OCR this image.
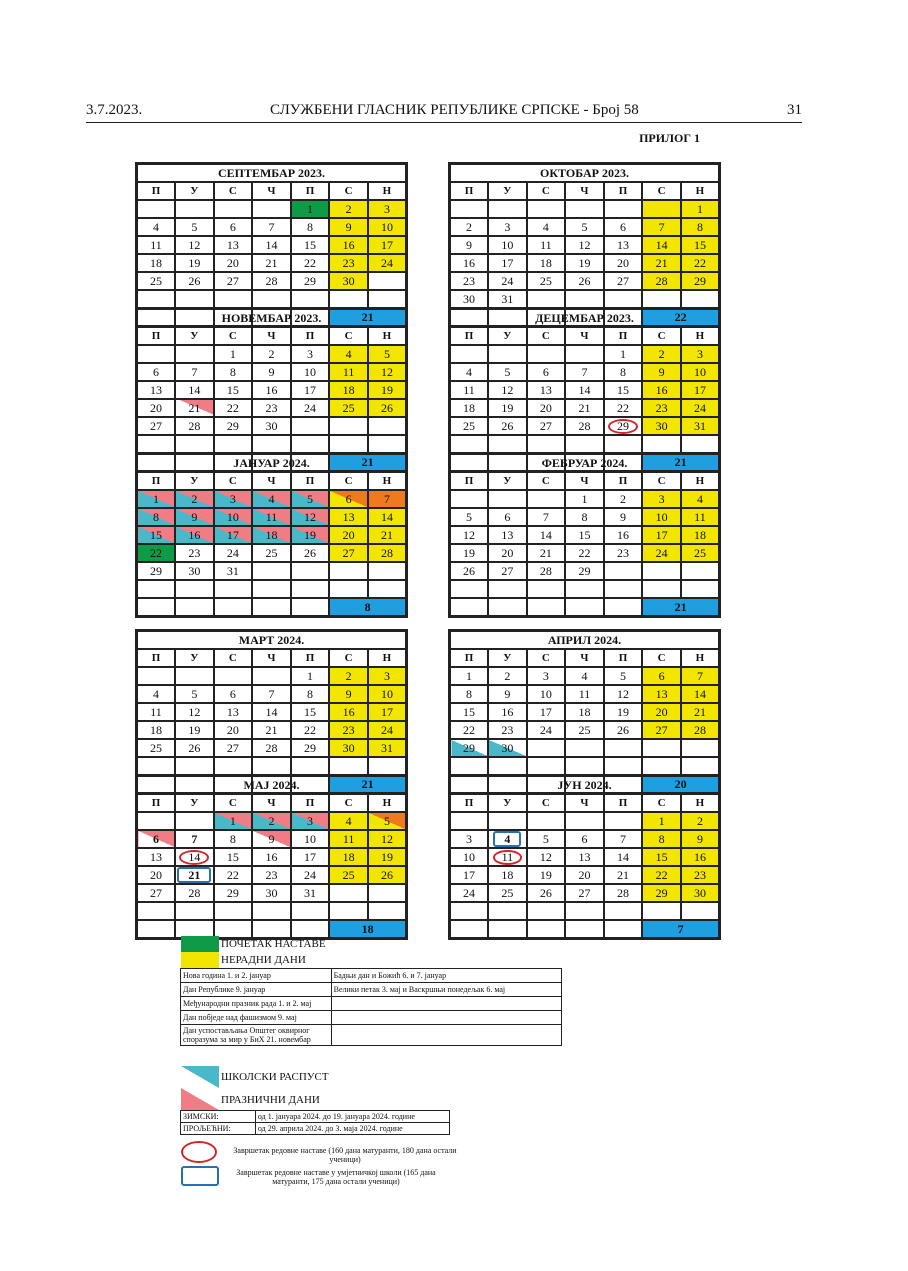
3.7.2023.	СЛУЖБЕНИ ГЛАСНИК РЕПУБЛИКЕ СРПСКЕ - Број 58	31
ПРИЛОГ 1
СЕПТЕМБАР 2023.						
П	У	С	Ч	П	С	Н
				1	2	3
4	5	6	7	8	9	10
11	12	13	14	15	16	17
18	19	20	21	22	23	24
25	26	27	28	29	30	

					21	
ОКТОБАР 2023.						
П	У	С	Ч	П	С	Н
						1
2	3	4	5	6	7	8
9	10	11	12	13	14	15
16	17	18	19	20	21	22
23	24	25	26	27	28	29
30	31					
					22	
НОВЕМБАР 2023.						
П	У	С	Ч	П	С	Н
		1	2	3	4	5
6	7	8	9	10	11	12
13	14	15	16	17	18	19
20	21	22	23	24	25	26
27	28	29	30			

					21	
ДЕЦЕМБАР 2023.						
П	У	С	Ч	П	С	Н
				1	2	3
4	5	6	7	8	9	10
11	12	13	14	15	16	17
18	19	20	21	22	23	24
25	26	27	28	29	30	31

					21	
ЈАНУАР 2024.						
П	У	С	Ч	П	С	Н
1	2	3	4	5	6	7
8	9	10	11	12	13	14
15	16	17	18	19	20	21
22	23	24	25	26	27	28
29	30	31				

					8	
ФЕБРУАР 2024.						
П	У	С	Ч	П	С	Н
			1	2	3	4
5	6	7	8	9	10	11
12	13	14	15	16	17	18
19	20	21	22	23	24	25
26	27	28	29			

					21	
МАРТ 2024.						
П	У	С	Ч	П	С	Н
				1	2	3
4	5	6	7	8	9	10
11	12	13	14	15	16	17
18	19	20	21	22	23	24
25	26	27	28	29	30	31

					21	
АПРИЛ 2024.						
П	У	С	Ч	П	С	Н
1	2	3	4	5	6	7
8	9	10	11	12	13	14
15	16	17	18	19	20	21
22	23	24	25	26	27	28
29	30					

					20	
МАЈ 2024.						
П	У	С	Ч	П	С	Н
		1	2	3	4	5
6	7	8	9	10	11	12
13	14	15	16	17	18	19
20	21	22	23	24	25	26
27	28	29	30	31		

					18	
ЈУН 2024.						
П	У	С	Ч	П	С	Н
					1	2
3	4	5	6	7	8	9
10	11	12	13	14	15	16
17	18	19	20	21	22	23
24	25	26	27	28	29	30

					7	
ПОЧЕТАК НАСТАВЕ
НЕРАДНИ ДАНИ
Нова година 1. и 2. јануар	Бадњи дан и Божић 6. и 7. јануар
Дан Републике 9. јануар	Велики петак 3. мај и Васкршњи понедељак 6. мај
Међународни празник рада 1. и 2. мај	
Дан побједе над фашизмом 9. мај	
Дан успостављања Општег оквирног споразума за мир у БиХ 21. новембар	
ШКОЛСКИ РАСПУСТ
ПРАЗНИЧНИ ДАНИ
ЗИМСКИ:	од 1. јануара 2024. до 19. јануара 2024. године
ПРОЉЕЋНИ:	од 29. априла 2024. до 3. маја 2024. године
Завршетак редовне наставе (160 дана матуранти, 180 дана остали ученици)
Завршетак редовне наставе у умјетничкој школи (165 дана матуранти, 175 дана остали ученици)
